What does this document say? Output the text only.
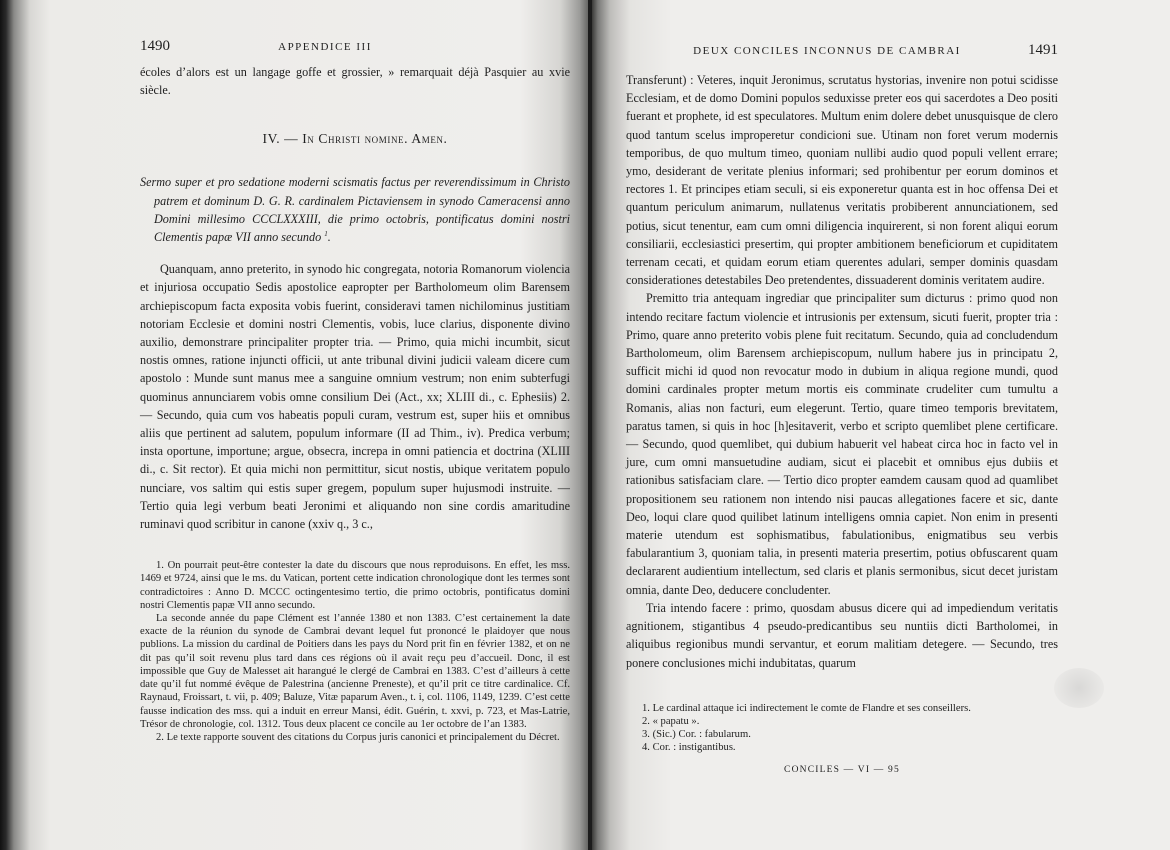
1490	APPENDICE III

écoles d’alors est un langage goffe et grossier, » remarquait déjà Pasquier au xvie siècle.

IV. — In Christi nomine. Amen.
Sermo super et pro sedatione moderni scismatis factus per reverendissimum in Christo patrem et dominum D. G. R. cardinalem Pictaviensem in synodo Cameracensi anno Domini millesimo CCCLXXXIII, die primo octobris, pontificatus domini nostri Clementis papæ VII anno secundo $^1$.

Quanquam, anno preterito, in synodo hic congregata, notoria Romanorum violencia et injuriosa occupatio Sedis apostolice eapropter per Bartholomeum olim Barensem archiepiscopum facta exposita vobis fuerint, consideravi tamen nichilominus justitiam notoriam Ecclesie et domini nostri Clementis, vobis, luce clarius, disponente divino auxilio, demonstrare principaliter propter tria. — Primo, quia michi incumbit, sicut nostis omnes, ratione injuncti officii, ut ante tribunal divini judicii valeam dicere cum apostolo : Munde sunt manus mee a sanguine omnium vestrum; non enim subterfugi quominus annunciarem vobis omne consilium Dei (Act., xx; XLIII di., c. Ephesiis) 2. — Secundo, quia cum vos habeatis populi curam, vestrum est, super hiis et omnibus aliis que pertinent ad salutem, populum informare (II ad Thim., iv). Predica verbum; insta oportune, importune; argue, obsecra, increpa in omni patiencia et doctrina (XLIII di., c. Sit rector). Et quia michi non permittitur, sicut nostis, ubique veritatem populo nunciare, vos saltim qui estis super gregem, populum super hujusmodi instruite. — Tertio quia legi verbum beati Jeronimi et aliquando non sine cordis amaritudine ruminavi quod scribitur in canone (xxiv q., 3 c.,

1. On pourrait peut-être contester la date du discours que nous reproduisons. En effet, les mss. 1469 et 9724, ainsi que le ms. du Vatican, portent cette indication chronologique dont les termes sont contradictoires : Anno D. MCCC octingentesimo tertio, die primo octobris, pontificatus domini nostri Clementis papæ VII anno secundo.

La seconde année du pape Clément est l’année 1380 et non 1383. C’est certainement la date exacte de la réunion du synode de Cambrai devant lequel fut prononcé le plaidoyer que nous publions. La mission du cardinal de Poitiers dans les pays du Nord prit fin en février 1382, et on ne dit pas qu’il soit revenu plus tard dans ces régions où il avait reçu peu d’accueil. Donc, il est impossible que Guy de Malesset ait harangué le clergé de Cambrai en 1383. C’est d’ailleurs à cette date qu’il fut nommé évêque de Palestrina (ancienne Preneste), et qu’il prit ce titre cardinalice. Cf. Raynaud, Froissart, t. vii, p. 409; Baluze, Vitæ paparum Aven., t. i, col. 1106, 1149, 1239. C’est cette fausse indication des mss. qui a induit en erreur Mansi, édit. Guérin, t. xxvi, p. 723, et Mas-Latrie, Trésor de chronologie, col. 1312. Tous deux placent ce concile au 1er octobre de l’an 1383.

2. Le texte rapporte souvent des citations du Corpus juris canonici et principalement du Décret.

DEUX CONCILES INCONNUS DE CAMBRAI	1491

Transferunt) : Veteres, inquit Jeronimus, scrutatus hystorias, invenire non potui scidisse Ecclesiam, et de domo Domini populos seduxisse preter eos qui sacerdotes a Deo positi fuerant et prophete, id est speculatores. Multum enim dolere debet unusquisque de clero quod tantum scelus improperetur condicioni sue. Utinam non foret verum modernis temporibus, de quo multum timeo, quoniam nullibi audio quod populi vellent errare; ymo, desiderant de veritate plenius informari; sed prohibentur per eorum dominos et rectores 1. Et principes etiam seculi, si eis exponeretur quanta est in hoc offensa Dei et quantum periculum animarum, nullatenus veritatis probiberent annunciationem, sed potius, sicut tenentur, eam cum omni diligencia inquirerent, si non forent aliqui eorum consiliarii, ecclesiastici presertim, qui propter ambitionem beneficiorum et cupiditatem terrenam cecati, et quidam eorum etiam querentes adulari, semper dominis quasdam considerationes detestabiles Deo pretendentes, dissuaderent dominis veritatem audire.

Premitto tria antequam ingrediar que principaliter sum dicturus : primo quod non intendo recitare factum violencie et intrusionis per extensum, sicuti fuerit, propter tria : Primo, quare anno preterito vobis plene fuit recitatum. Secundo, quia ad concludendum Bartholomeum, olim Barensem archiepiscopum, nullum habere jus in principatu 2, sufficit michi id quod non revocatur modo in dubium in aliqua regione mundi, quod domini cardinales propter metum mortis eis comminate crudeliter cum tumultu a Romanis, alias non facturi, eum elegerunt. Tertio, quare timeo temporis brevitatem, paratus tamen, si quis in hoc [h]esitaverit, verbo et scripto quemlibet plene certificare. — Secundo, quod quemlibet, qui dubium habuerit vel habeat circa hoc in facto vel in jure, cum omni mansuetudine audiam, sicut ei placebit et omnibus ejus dubiis et rationibus satisfaciam clare. — Tertio dico propter eamdem causam quod ad quamlibet propositionem seu rationem non intendo nisi paucas allegationes facere et sic, dante Deo, loqui clare quod quilibet latinum intelligens omnia capiet. Non enim in presenti materie utendum est sophismatibus, fabulationibus, enigmatibus seu verbis fabularantium 3, quoniam talia, in presenti materia presertim, potius obfuscarent quam declararent audientium intellectum, sed claris et planis sermonibus, sicut decet juristam omnia, dante Deo, deducere concludenter.

Tria intendo facere : primo, quosdam abusus dicere qui ad impediendum veritatis agnitionem, stigantibus 4 pseudo-predicantibus seu nuntiis dicti Bartholomei, in aliquibus regionibus mundi servantur, et eorum malitiam detegere. — Secundo, tres ponere conclusiones michi indubitatas, quarum

1. Le cardinal attaque ici indirectement le comte de Flandre et ses conseillers.

2. « papatu ».

3. (Sic.) Cor. : fabularum.

4. Cor. : instigantibus.

CONCILES — VI — 95
